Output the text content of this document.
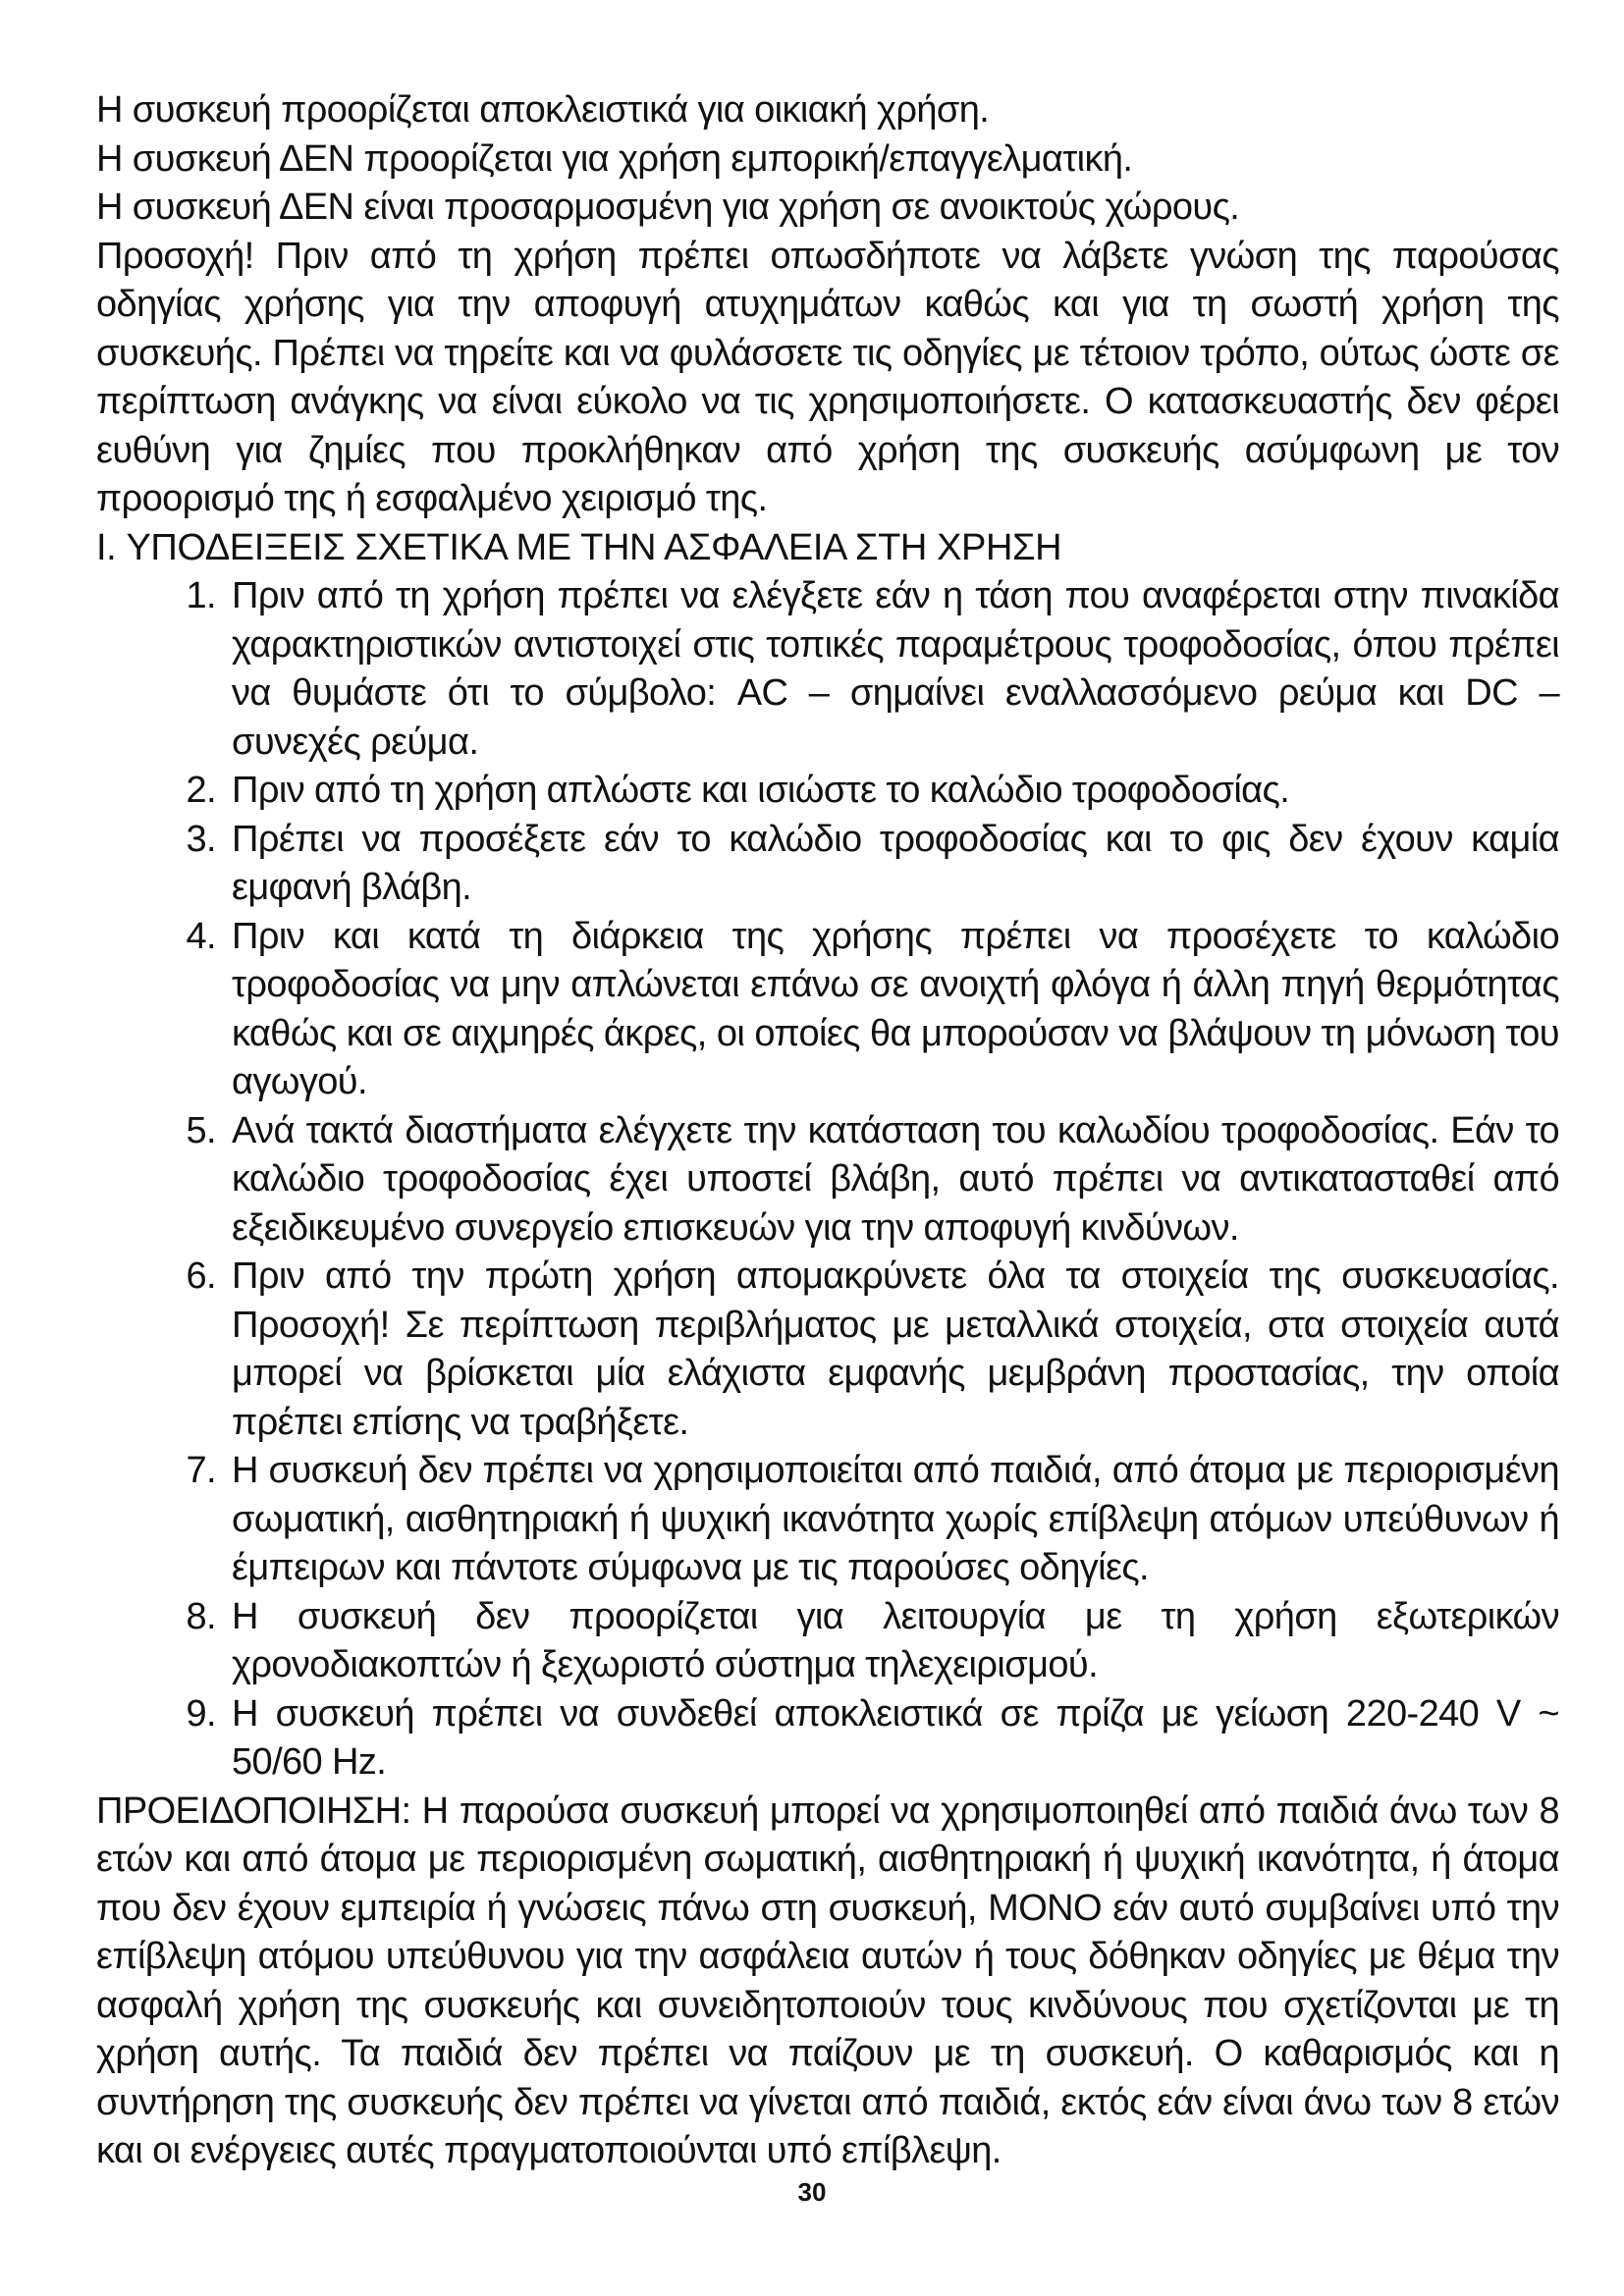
Η συσκευή προορίζεται αποκλειστικά για οικιακή χρήση.

Η συσκευή ΔΕΝ προορίζεται για χρήση εμπορική/επαγγελματική.

Η συσκευή ΔΕΝ είναι προσαρμοσμένη για χρήση σε ανοικτούς χώρους.

Προσοχή! Πριν από τη χρήση πρέπει οπωσδήποτε να λάβετε γνώση της παρούσας οδηγίας χρήσης για την αποφυγή ατυχημάτων καθώς και για τη σωστή χρήση της συσκευής. Πρέπει να τηρείτε και να φυλάσσετε τις οδηγίες με τέτοιον τρόπο, ούτως ώστε σε περίπτωση ανάγκης να είναι εύκολο να τις χρησιμοποιήσετε. Ο κατασκευαστής δεν φέρει ευθύνη για ζημίες που προκλήθηκαν από χρήση της συσκευής ασύμφωνη με τον προορισμό της ή εσφαλμένο χειρισμό της.

I. ΥΠΟΔΕΙΞΕΙΣ ΣΧΕΤΙΚΑ ΜΕ ΤΗΝ ΑΣΦΑΛΕΙΑ ΣΤΗ ΧΡΗΣΗ

1. Πριν από τη χρήση πρέπει να ελέγξετε εάν η τάση που αναφέρεται στην πινακίδα χαρακτηριστικών αντιστοιχεί στις τοπικές παραμέτρους τροφοδοσίας, όπου πρέπει να θυμάστε ότι το σύμβολο: AC – σημαίνει εναλλασσόμενο ρεύμα και DC – συνεχές ρεύμα.
2. Πριν από τη χρήση απλώστε και ισιώστε το καλώδιο τροφοδοσίας.
3. Πρέπει να προσέξετε εάν το καλώδιο τροφοδοσίας και το φις δεν έχουν καμία εμφανή βλάβη.
4. Πριν και κατά τη διάρκεια της χρήσης πρέπει να προσέχετε το καλώδιο τροφοδοσίας να μην απλώνεται επάνω σε ανοιχτή φλόγα ή άλλη πηγή θερμότητας καθώς και σε αιχμηρές άκρες, οι οποίες θα μπορούσαν να βλάψουν τη μόνωση του αγωγού.
5. Ανά τακτά διαστήματα ελέγχετε την κατάσταση του καλωδίου τροφοδοσίας. Εάν το καλώδιο τροφοδοσίας έχει υποστεί βλάβη, αυτό πρέπει να αντικατασταθεί από εξειδικευμένο συνεργείο επισκευών για την αποφυγή κινδύνων.
6. Πριν από την πρώτη χρήση απομακρύνετε όλα τα στοιχεία της συσκευασίας. Προσοχή! Σε περίπτωση περιβλήματος με μεταλλικά στοιχεία, στα στοιχεία αυτά μπορεί να βρίσκεται μία ελάχιστα εμφανής μεμβράνη προστασίας, την οποία πρέπει επίσης να τραβήξετε.
7. Η συσκευή δεν πρέπει να χρησιμοποιείται από παιδιά, από άτομα με περιορισμένη σωματική, αισθητηριακή ή ψυχική ικανότητα χωρίς επίβλεψη ατόμων υπεύθυνων ή έμπειρων και πάντοτε σύμφωνα με τις παρούσες οδηγίες.
8. Η συσκευή δεν προορίζεται για λειτουργία με τη χρήση εξωτερικών χρονοδιακοπτών ή ξεχωριστό σύστημα τηλεχειρισμού.
9. Η συσκευή πρέπει να συνδεθεί αποκλειστικά σε πρίζα με γείωση 220-240 V ~ 50/60 Hz.

ΠΡΟΕΙΔΟΠΟΙΗΣΗ: Η παρούσα συσκευή μπορεί να χρησιμοποιηθεί από παιδιά άνω των 8 ετών και από άτομα με περιορισμένη σωματική, αισθητηριακή ή ψυχική ικανότητα, ή άτομα που δεν έχουν εμπειρία ή γνώσεις πάνω στη συσκευή, ΜΟΝΟ εάν αυτό συμβαίνει υπό την επίβλεψη ατόμου υπεύθυνου για την ασφάλεια αυτών ή τους δόθηκαν οδηγίες με θέμα την ασφαλή χρήση της συσκευής και συνειδητοποιούν τους κινδύνους που σχετίζονται με τη χρήση αυτής. Τα παιδιά δεν πρέπει να παίζουν με τη συσκευή. Ο καθαρισμός και η συντήρηση της συσκευής δεν πρέπει να γίνεται από παιδιά, εκτός εάν είναι άνω των 8 ετών και οι ενέργειες αυτές πραγματοποιούνται υπό επίβλεψη.

30
